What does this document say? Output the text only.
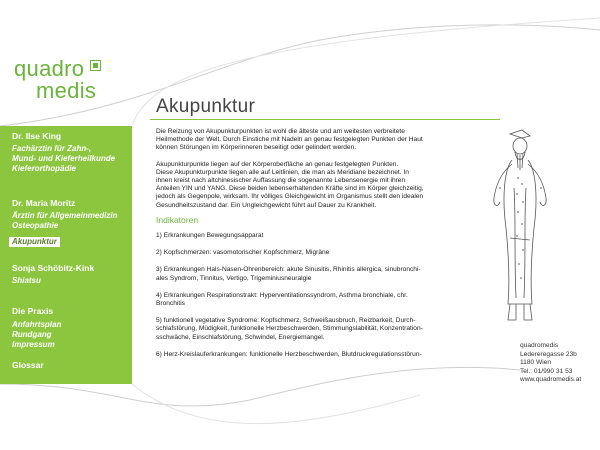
quadro
medis
Dr. Ilse King
Fachärztin für Zahn-,
Mund- und Kieferheilkunde
Kieferorthopädie
Dr. Maria Moritz
Ärztin für Allgemeinmedizin
Osteopathie
Akupunktur
Sonja Schöbitz-Kink
Shiatsu
Die Praxis
Anfahrtsplan
Rundgang
Impressum
Glossar
Akupunktur

Die Reizung von Akupunkturpunkten ist wohl die älteste und am weitesten verbreitete
Heilmethode der Welt. Durch Einstiche mit Nadeln an genau festgelegten Punkten der Haut
können Störungen im Körperinneren beseitigt oder gelindert werden.

Akupunkturpunkte liegen auf der Körperoberfläche an genau festgelegten Punkten.
Diese Akupunkturpunkte liegen alle auf Leitlinien, die man als Meridiane bezeichnet. In
ihnen kreist nach altchinesischer Auffassung die sogenannte Lebensenergie mit ihren
Anteilen YIN und YANG. Diese beiden lebenserhaltenden Kräfte sind im Körper gleichzeitig,
jedoch als Gegenpole, wirksam. Ihr völliges Gleichgewicht im Organismus stellt den idealen
Gesundheitszustand dar. Ein Ungleichgewicht führt auf Dauer zu Krankheit.

Indikatoren
1) Erkrankungen Bewegungsapparat
2) Kopfschmerzen: vasomotorischer Kopfschmerz, Migräne
3) Erkrankungen Hals-Nasen-Ohrenbereich: akute Sinusitis, Rhinitis allergica, sinubronchi-
ales Syndrom, Tinnitus, Vertigo, Trigeminiusneuralgie
4) Erkrankungen Respirationstrakt: Hyperventilationssyndrom, Asthma bronchiale, chr.
Bronchitis
5) funktionell vegetative Syndrome: Kopfschmerz, Schweißausbruch, Reizbarkeit, Durch-
schlafstörung, Müdigkeit, funktionelle Herzbeschwerden, Stimmungslabilität, Konzentration-
sschwäche, Einschlafstörung, Schwindel, Energiemangel.
6) Herz-Kreislauferkrankungen: funktionelle Herzbeschwerden, Blutdruckregulationsstörun-
quadromedis
Ledereregasse 23b
1180 Wien
Tel.: 01/990 31 53
www.quadromedis.at
